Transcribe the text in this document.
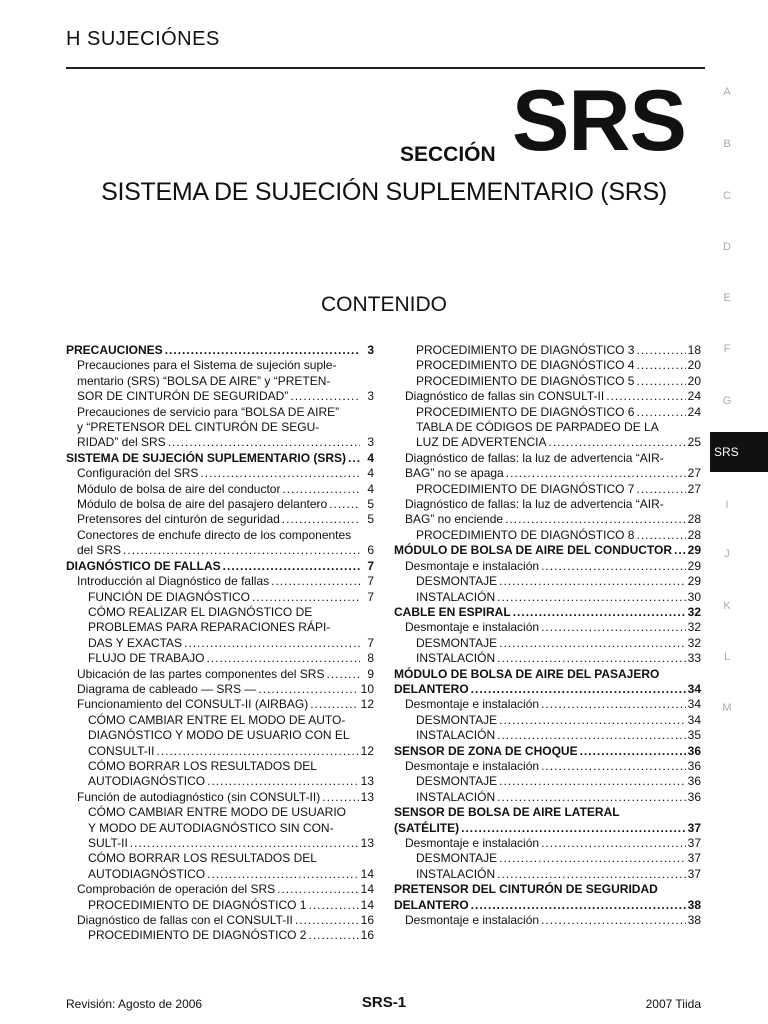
H SUJECIÓNES
SECCIÓN SRS
SISTEMA DE SUJECIÓN SUPLEMENTARIO (SRS)
CONTENIDO
A
B
C
D
E
F
G
I
J
K
L
M
SRS
PRECAUCIONES .....	3
Precauciones para el Sistema de sujeción suple-
mentario (SRS) “BOLSA DE AIRE” y “PRETEN-
SOR DE CINTURÓN DE SEGURIDAD” .....	3
Precauciones de servicio para “BOLSA DE AIRE”
y “PRETENSOR DEL CINTURÓN DE SEGU-
RIDAD” del SRS .....	3
SISTEMA DE SUJECIÓN SUPLEMENTARIO (SRS) .....	4
Configuración del SRS .....	4
Módulo de bolsa de aire del conductor .....	4
Módulo de bolsa de aire del pasajero delantero .....	5
Pretensores del cinturón de seguridad .....	5
Conectores de enchufe directo de los componentes
del SRS .....	6
DIAGNÓSTICO DE FALLAS .....	7
Introducción al Diagnóstico de fallas .....	7
FUNCIÓN DE DIAGNÓSTICO .....	7
CÓMO REALIZAR EL DIAGNÓSTICO DE
PROBLEMAS PARA REPARACIONES RÁPI-
DAS Y EXACTAS .....	7
FLUJO DE TRABAJO .....	8
Ubicación de las partes componentes del SRS .....	9
Diagrama de cableado — SRS — .....	10
Funcionamiento del CONSULT-II (AIRBAG) .....	12
CÓMO CAMBIAR ENTRE EL MODO DE AUTO-
DIAGNÓSTICO Y MODO DE USUARIO CON EL
CONSULT-II .....	12
CÓMO BORRAR LOS RESULTADOS DEL
AUTODIAGNÓSTICO .....	13
Función de autodiagnóstico (sin CONSULT-II) .....	13
CÓMO CAMBIAR ENTRE MODO DE USUARIO
Y MODO DE AUTODIAGNÓSTICO SIN CON-
SULT-II .....	13
CÓMO BORRAR LOS RESULTADOS DEL
AUTODIAGNÓSTICO .....	14
Comprobación de operación del SRS .....	14
PROCEDIMIENTO DE DIAGNÓSTICO 1 .....	14
Diagnóstico de fallas con el CONSULT-II .....	16
PROCEDIMIENTO DE DIAGNÓSTICO 2 .....	16
PROCEDIMIENTO DE DIAGNÓSTICO 3 .....	18
PROCEDIMIENTO DE DIAGNÓSTICO 4 .....	20
PROCEDIMIENTO DE DIAGNÓSTICO 5 .....	20
Diagnóstico de fallas sin CONSULT-II .....	24
PROCEDIMIENTO DE DIAGNÓSTICO 6 .....	24
TABLA DE CÓDIGOS DE PARPADEO DE LA
LUZ DE ADVERTENCIA .....	25
Diagnóstico de fallas: la luz de advertencia “AIR-
BAG” no se apaga .....	27
PROCEDIMIENTO DE DIAGNÓSTICO 7 .....	27
Diagnóstico de fallas: la luz de advertencia “AIR-
BAG” no enciende .....	28
PROCEDIMIENTO DE DIAGNÓSTICO 8 .....	28
MÓDULO DE BOLSA DE AIRE DEL CONDUCTOR ..... 29
Desmontaje e instalación .....	29
DESMONTAJE .....	29
INSTALACIÓN .....	30
CABLE EN ESPIRAL .....	32
Desmontaje e instalación .....	32
DESMONTAJE .....	32
INSTALACIÓN .....	33
MÓDULO DE BOLSA DE AIRE DEL PASAJERO
DELANTERO .....	34
Desmontaje e instalación .....	34
DESMONTAJE .....	34
INSTALACIÓN .....	35
SENSOR DE ZONA DE CHOQUE .....	36
Desmontaje e instalación .....	36
DESMONTAJE .....	36
INSTALACIÓN .....	36
SENSOR DE BOLSA DE AIRE LATERAL
(SATÉLITE) .....	37
Desmontaje e instalación .....	37
DESMONTAJE .....	37
INSTALACIÓN .....	37
PRETENSOR DEL CINTURÓN DE SEGURIDAD
DELANTERO .....	38
Desmontaje e instalación .....	38
Revisión: Agosto de 2006	SRS-1	2007 Tiida
